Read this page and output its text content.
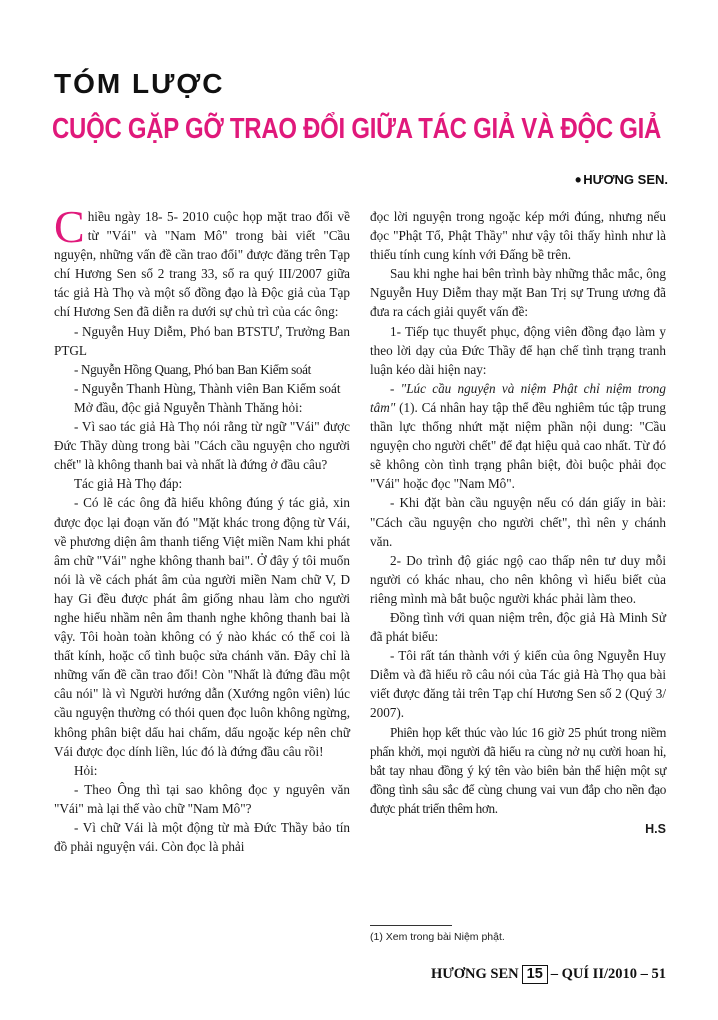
TÓM LƯỢC
CUỘC GẶP GỠ TRAO ĐỔI GIỮA TÁC GIẢ VÀ ĐỘC GIẢ
• HƯƠNG SEN.

Chiều ngày 18- 5- 2010 cuộc họp mặt trao đổi về từ "Vái" và "Nam Mô" trong bài viết "Cầu nguyện, những vấn đề cần trao đổi" được đăng trên Tạp chí Hương Sen số 2 trang 33, số ra quý III/2007 giữa tác giả Hà Thọ và một số đồng đạo là Độc giả của Tạp chí Hương Sen đã diễn ra dưới sự chủ trì của các ông:

- Nguyễn Huy Diễm, Phó ban BTSTƯ, Trưởng Ban PTGL

- Nguyễn Hồng Quang, Phó ban Ban Kiểm soát

- Nguyễn Thanh Hùng, Thành viên Ban Kiểm soát

Mở đầu, độc giả Nguyễn Thành Thăng hỏi:

- Vì sao tác giả Hà Thọ nói rằng từ ngữ "Vái" được Đức Thầy dùng trong bài "Cách cầu nguyện cho người chết" là không thanh bai và nhất là đứng ở đầu câu?

Tác giả Hà Thọ đáp:

- Có lẽ các ông đã hiểu không đúng ý tác giả, xin được đọc lại đoạn văn đó "Mặt khác trong động từ Vái, về phương diện âm thanh tiếng Việt miền Nam khi phát âm chữ "Vái" nghe không thanh bai". Ở đây ý tôi muốn nói là về cách phát âm của người miền Nam chữ V, D hay Gi đều được phát âm giống nhau làm cho người nghe hiểu nhầm nên âm thanh nghe không thanh bai là vậy. Tôi hoàn toàn không có ý nào khác có thể coi là thất kính, hoặc cố tình buộc sửa chánh văn. Đây chỉ là những vấn đề cần trao đổi! Còn "Nhất là đứng đầu một câu nói" là vì Người hướng dẫn (Xướng ngôn viên) lúc cầu nguyện thường có thói quen đọc luôn không ngừng, không phân biệt dấu hai chấm, dấu ngoặc kép nên chữ Vái được đọc dính liền, lúc đó là đứng đầu câu rồi!

Hỏi:

- Theo Ông thì tại sao không đọc y nguyên văn "Vái" mà lại thế vào chữ "Nam Mô"?

- Vì chữ Vái là một động từ mà Đức Thầy bảo tín đồ phải nguyện vái. Còn đọc là phải

đọc lời nguyện trong ngoặc kép mới đúng, nhưng nếu đọc "Phật Tổ, Phật Thầy" như vậy tôi thấy hình như là thiếu tính cung kính với Đấng bề trên.

Sau khi nghe hai bên trình bày những thắc mắc, ông Nguyễn Huy Diễm thay mặt Ban Trị sự Trung ương đã đưa ra cách giải quyết vấn đề:

1- Tiếp tục thuyết phục, động viên đồng đạo làm y theo lời dạy của Đức Thầy để hạn chế tình trạng tranh luận kéo dài hiện nay:

- "Lúc cầu nguyện và niệm Phật chỉ niệm trong tâm" (1). Cá nhân hay tập thể đều nghiêm túc tập trung thần lực thống nhứt mặt niệm phần nội dung: "Cầu nguyện cho người chết" để đạt hiệu quả cao nhất. Từ đó sẽ không còn tình trạng phân biệt, đòi buộc phải đọc "Vái" hoặc đọc "Nam Mô".

- Khi đặt bàn cầu nguyện nếu có dán giấy in bài: "Cách cầu nguyện cho người chết", thì nên y chánh văn.

2- Do trình độ giác ngộ cao thấp nên tư duy mỗi người có khác nhau, cho nên không vì hiểu biết của riêng mình mà bắt buộc người khác phải làm theo.

Đồng tình với quan niệm trên, độc giả Hà Minh Sử đã phát biểu:

- Tôi rất tán thành với ý kiến của ông Nguyễn Huy Diễm và đã hiểu rõ câu nói của Tác giả Hà Thọ qua bài viết được đăng tải trên Tạp chí Hương Sen số 2 (Quý 3/ 2007).

Phiên họp kết thúc vào lúc 16 giờ 25 phút trong niềm phấn khởi, mọi người đã hiểu ra cùng nở nụ cười hoan hỉ, bắt tay nhau đồng ý ký tên vào biên bản thể hiện một sự đồng tình sâu sắc để cùng chung vai vun đắp cho nền đạo được phát triển thêm hơn.

H.S
(1) Xem trong bài Niệm phật.
HƯƠNG SEN 15 – QUÍ II/2010 – 51
